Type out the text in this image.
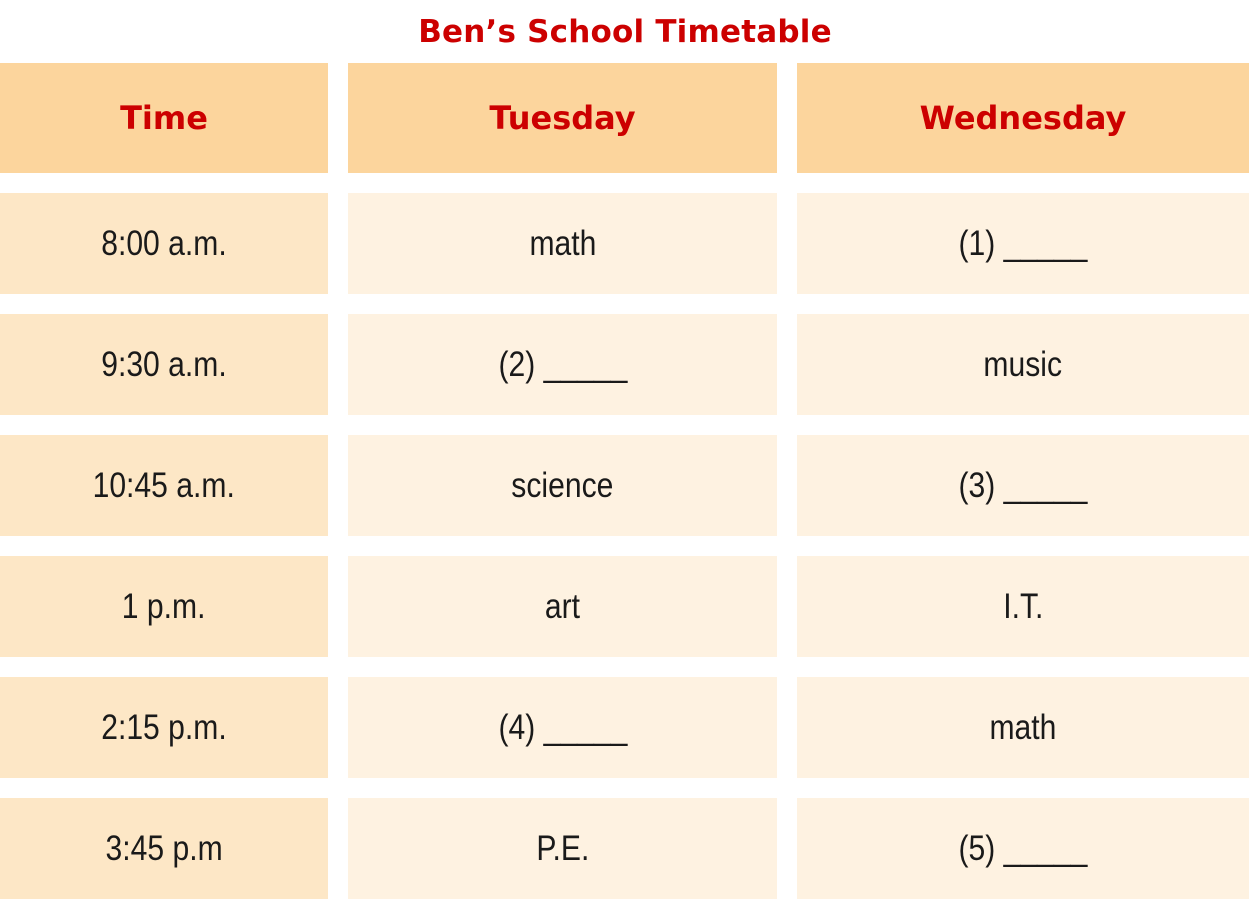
Ben’s School Timetable
Time	Tuesday	Wednesday
8:00 a.m.	math	(1) _____
9:30 a.m.	(2) _____	music
10:45 a.m.	science	(3) _____
1 p.m.	art	I.T.
2:15 p.m.	(4) _____	math
3:45 p.m	P.E.	(5) _____
